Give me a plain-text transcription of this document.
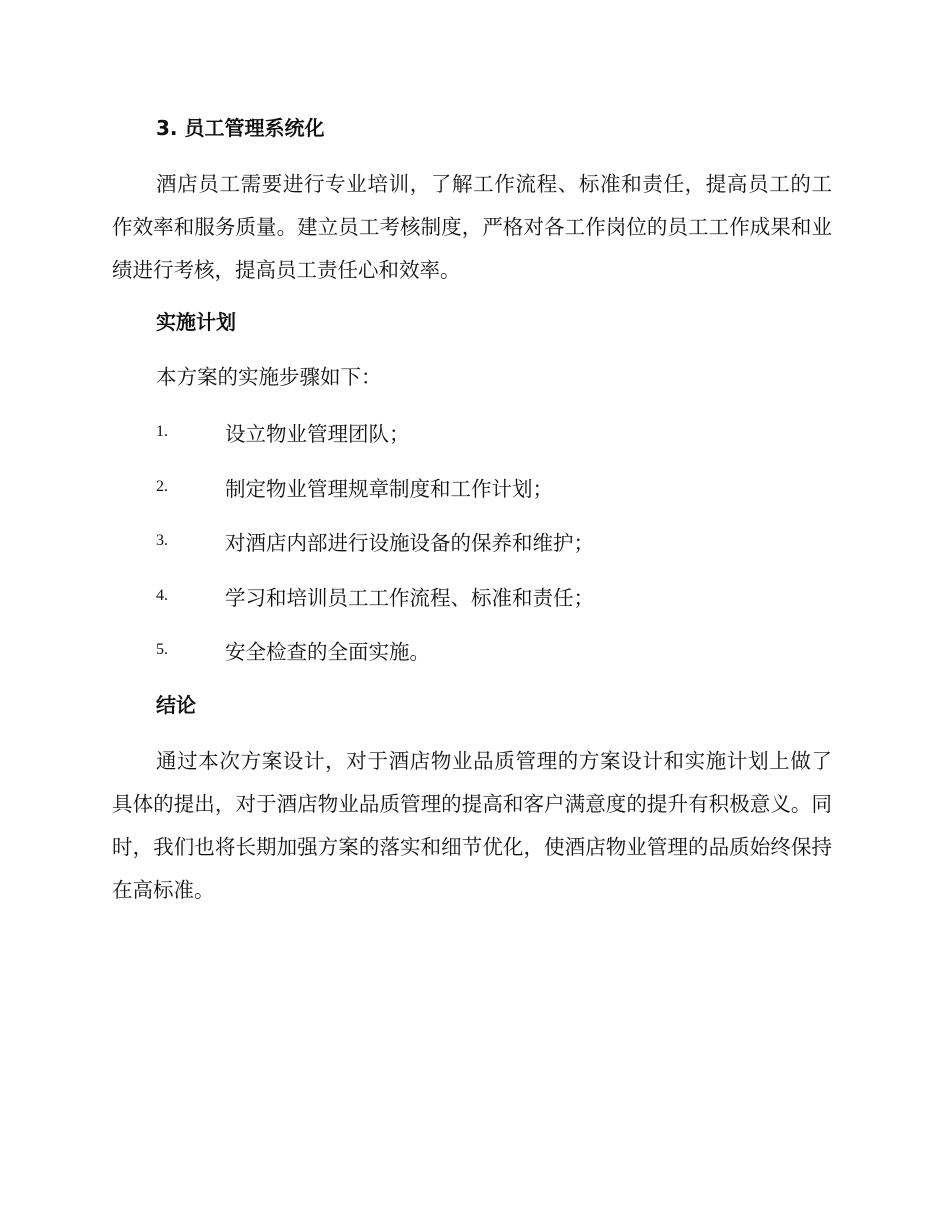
3. 员工管理系统化

酒店员工需要进行专业培训，了解工作流程、标准和责任，提高员工的工作效率和服务质量。建立员工考核制度，严格对各工作岗位的员工工作成果和业绩进行考核，提高员工责任心和效率。

实施计划

本方案的实施步骤如下：

1.	设立物业管理团队；
2.	制定物业管理规章制度和工作计划；
3.	对酒店内部进行设施设备的保养和维护；
4.	学习和培训员工工作流程、标准和责任；
5.	安全检查的全面实施。
结论

通过本次方案设计，对于酒店物业品质管理的方案设计和实施计划上做了具体的提出，对于酒店物业品质管理的提高和客户满意度的提升有积极意义。同时，我们也将长期加强方案的落实和细节优化，使酒店物业管理的品质始终保持在高标准。
